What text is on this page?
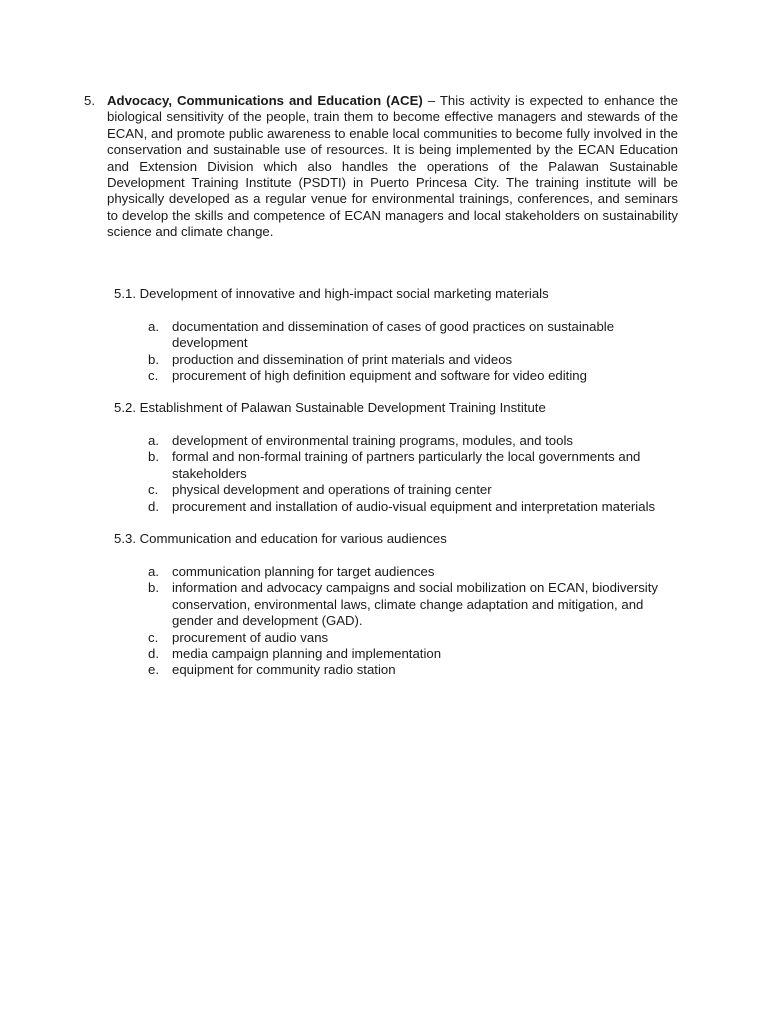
5. Advocacy, Communications and Education (ACE) – This activity is expected to enhance the biological sensitivity of the people, train them to become effective managers and stewards of the ECAN, and promote public awareness to enable local communities to become fully involved in the conservation and sustainable use of resources. It is being implemented by the ECAN Education and Extension Division which also handles the operations of the Palawan Sustainable Development Training Institute (PSDTI) in Puerto Princesa City. The training institute will be physically developed as a regular venue for environmental trainings, conferences, and seminars to develop the skills and competence of ECAN managers and local stakeholders on sustainability science and climate change.

5.1. Development of innovative and high-impact social marketing materials

a. documentation and dissemination of cases of good practices on sustainable development
b. production and dissemination of print materials and videos
c.	procurement of high definition equipment and software for video editing

5.2. Establishment of Palawan Sustainable Development Training Institute

a. development of environmental training programs, modules, and tools
b. formal and non-formal training of partners particularly the local governments and stakeholders
c.	physical development and operations of training center
d. procurement and installation of audio-visual equipment and interpretation materials

5.3. Communication and education for various audiences

a. communication planning for target audiences
b. information and advocacy campaigns and social mobilization on ECAN, biodiversity conservation, environmental laws, climate change adaptation and mitigation, and gender and development (GAD).
c.	procurement of audio vans
d. media campaign planning and implementation
e. equipment for community radio station
